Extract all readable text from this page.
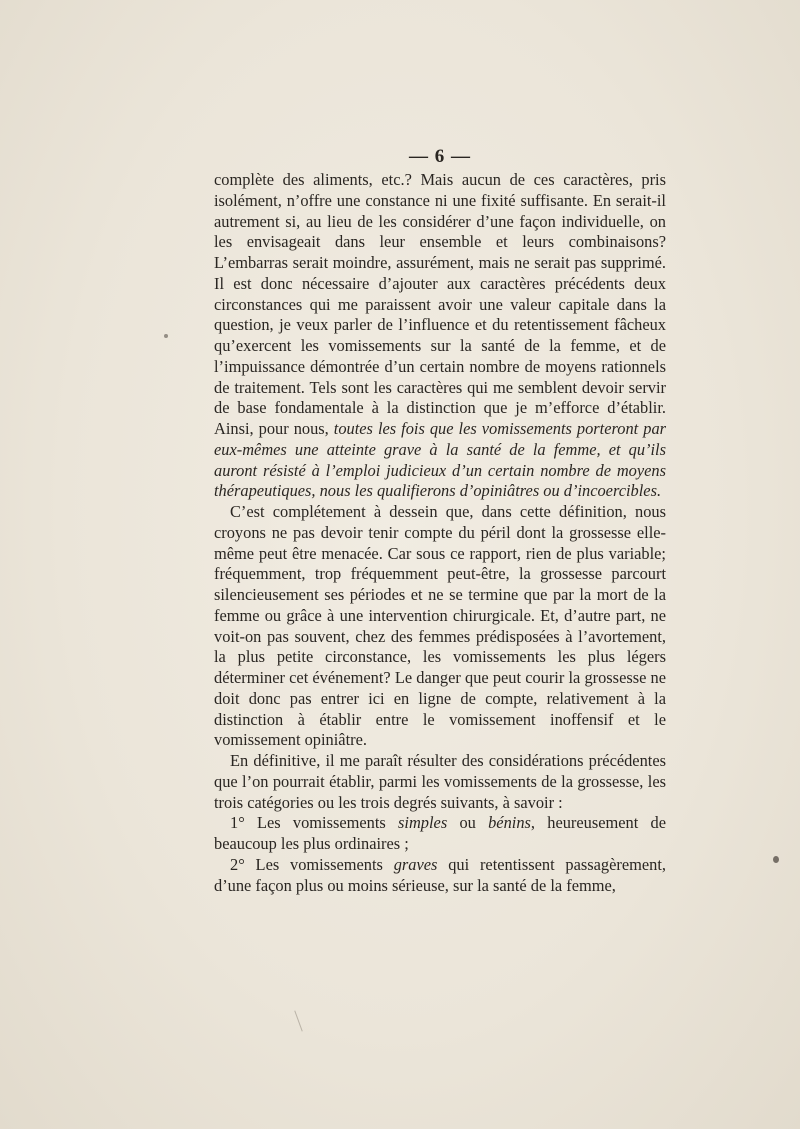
— 6 —

complète des aliments, etc.? Mais aucun de ces caractères, pris isolément, n’offre une constance ni une fixité suffisante. En serait-il autrement si, au lieu de les considérer d’une façon individuelle, on les envisageait dans leur ensemble et leurs combinaisons? L’embarras serait moindre, assurément, mais ne serait pas supprimé. Il est donc nécessaire d’ajouter aux caractères précédents deux circonstances qui me paraissent avoir une valeur capitale dans la question, je veux parler de l’influence et du retentissement fâcheux qu’exercent les vomissements sur la santé de la femme, et de l’impuissance démontrée d’un certain nombre de moyens rationnels de traitement. Tels sont les caractères qui me semblent devoir servir de base fondamentale à la distinction que je m’efforce d’établir. Ainsi, pour nous, toutes les fois que les vomissements porteront par eux-mêmes une atteinte grave à la santé de la femme, et qu’ils auront résisté à l’emploi judicieux d’un certain nombre de moyens thérapeutiques, nous les qualifierons d’opiniâtres ou d’incoercibles.

C’est complétement à dessein que, dans cette définition, nous croyons ne pas devoir tenir compte du péril dont la grossesse elle-même peut être menacée. Car sous ce rapport, rien de plus variable; fréquemment, trop fréquemment peut-être, la grossesse parcourt silencieusement ses périodes et ne se termine que par la mort de la femme ou grâce à une intervention chirurgicale. Et, d’autre part, ne voit-on pas souvent, chez des femmes prédisposées à l’avortement, la plus petite circonstance, les vomissements les plus légers déterminer cet événement? Le danger que peut courir la grossesse ne doit donc pas entrer ici en ligne de compte, relativement à la distinction à établir entre le vomissement inoffensif et le vomissement opiniâtre.

En définitive, il me paraît résulter des considérations précédentes que l’on pourrait établir, parmi les vomissements de la grossesse, les trois catégories ou les trois degrés suivants, à savoir :

1° Les vomissements simples ou bénins, heureusement de beaucoup les plus ordinaires ;

2° Les vomissements graves qui retentissent passagèrement, d’une façon plus ou moins sérieuse, sur la santé de la femme,
